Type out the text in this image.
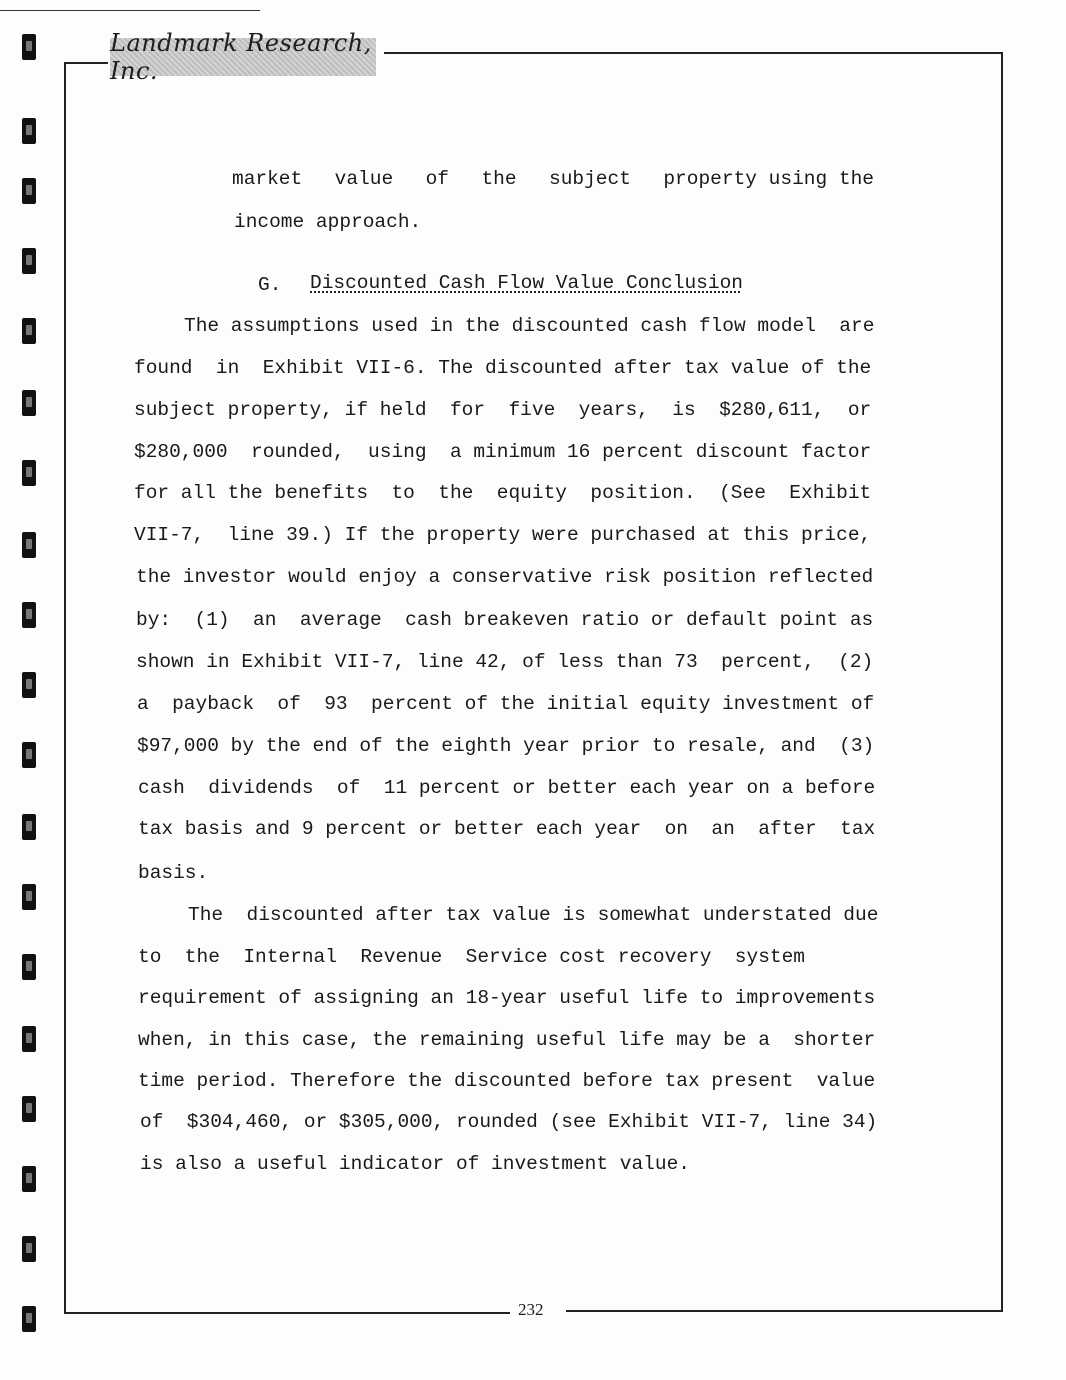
Landmark Research, Inc.
market value of the subject property using the
income approach.
G. Discounted Cash Flow Value Conclusion
The assumptions used in the discounted cash flow model  are
found  in  Exhibit VII-6. The discounted after tax value of the
subject property, if held  for  five  years,  is  $280,611,  or
$280,000  rounded,  using  a minimum 16 percent discount factor
for all the benefits  to  the  equity  position.  (See  Exhibit
VII-7,  line 39.) If the property were purchased at this price,
the investor would enjoy a conservative risk position reflected
by:  (1)  an  average  cash breakeven ratio or default point as
shown in Exhibit VII-7, line 42, of less than 73  percent,  (2)
a  payback  of  93  percent of the initial equity investment of
$97,000 by the end of the eighth year prior to resale, and  (3)
cash  dividends  of  11 percent or better each year on a before
tax basis and 9 percent or better each year  on  an  after  tax
basis.
The  discounted after tax value is somewhat understated due
to  the  Internal  Revenue  Service cost recovery  system
requirement of assigning an 18-year useful life to improvements
when, in this case, the remaining useful life may be a  shorter
time period. Therefore the discounted before tax present  value
of  $304,460, or $305,000, rounded (see Exhibit VII-7, line 34)
is also a useful indicator of investment value.
232
